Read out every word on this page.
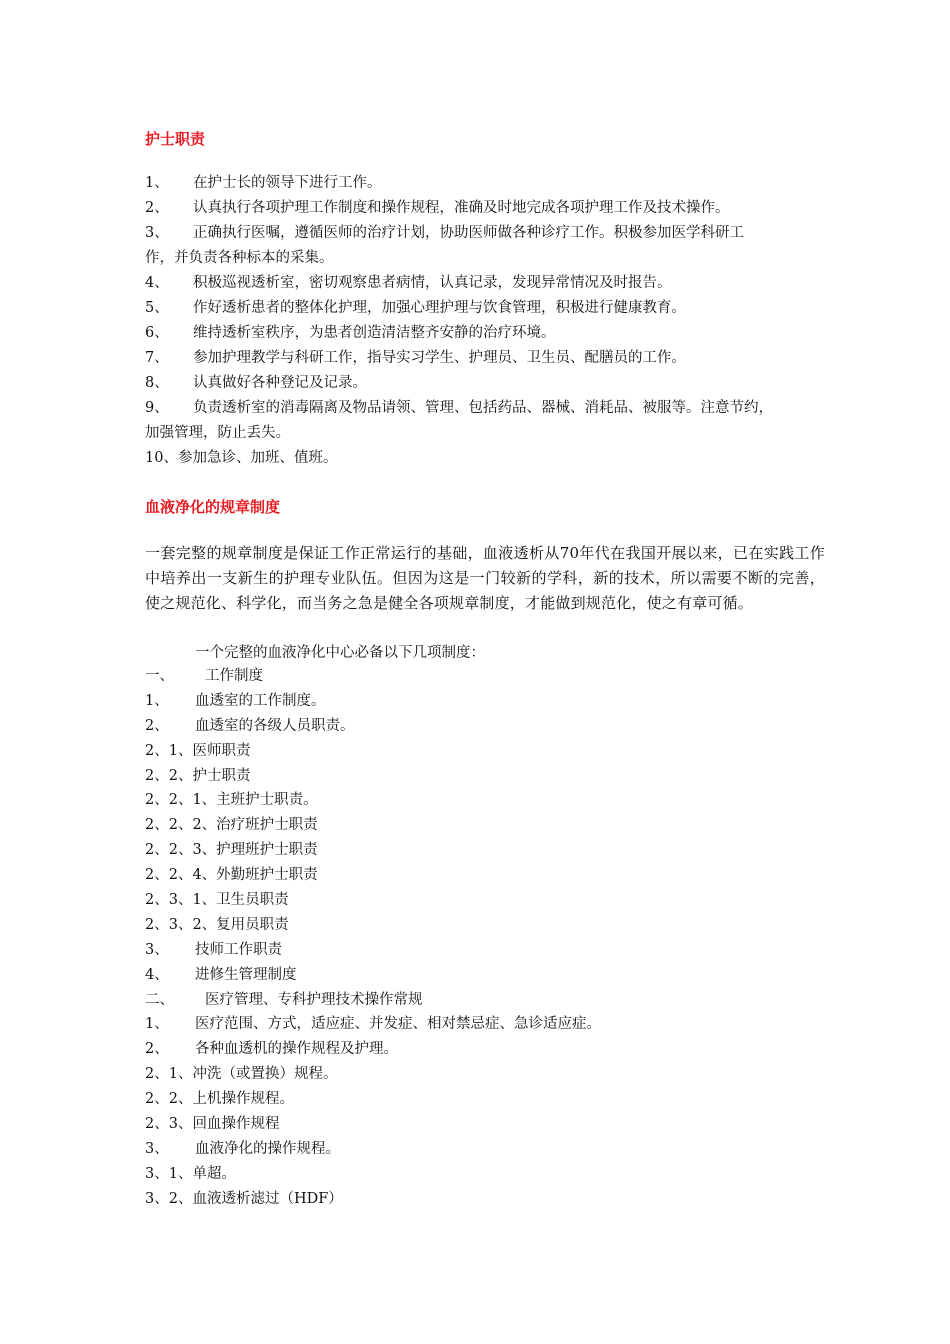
护士职责
1、 在护士长的领导下进行工作。
2、 认真执行各项护理工作制度和操作规程，准确及时地完成各项护理工作及技术操作。
3、 正确执行医嘱，遵循医师的治疗计划，协助医师做各种诊疗工作。积极参加医学科研工
作，并负责各种标本的采集。
4、 积极巡视透析室，密切观察患者病情，认真记录，发现异常情况及时报告。
5、 作好透析患者的整体化护理，加强心理护理与饮食管理，积极进行健康教育。
6、 维持透析室秩序，为患者创造清洁整齐安静的治疗环境。
7、 参加护理教学与科研工作，指导实习学生、护理员、卫生员、配膳员的工作。
8、 认真做好各种登记及记录。
9、 负责透析室的消毒隔离及物品请领、管理、包括药品、器械、消耗品、被服等。注意节约，
加强管理，防止丢失。
10、参加急诊、加班、值班。
血液净化的规章制度
一套完整的规章制度是保证工作正常运行的基础，血液透析从70年代在我国开展以来，已在实践工作中培养出一支新生的护理专业队伍。但因为这是一门较新的学科，新的技术，所以需要不断的完善，使之规范化、科学化，而当务之急是健全各项规章制度，才能做到规范化，使之有章可循。
一个完整的血液净化中心必备以下几项制度：
一、 工作制度
1、 血透室的工作制度。
2、 血透室的各级人员职责。
2、1、医师职责
2、2、护士职责
2、2、1、主班护士职责。
2、2、2、治疗班护士职责
2、2、3、护理班护士职责
2、2、4、外勤班护士职责
2、3、1、卫生员职责
2、3、2、复用员职责
3、 技师工作职责
4、 进修生管理制度
二、 医疗管理、专科护理技术操作常规
1、 医疗范围、方式，适应症、并发症、相对禁忌症、急诊适应症。
2、 各种血透机的操作规程及护理。
2、1、冲洗（或置换）规程。
2、2、上机操作规程。
2、3、回血操作规程
3、 血液净化的操作规程。
3、1、单超。
3、2、血液透析滤过（HDF）
